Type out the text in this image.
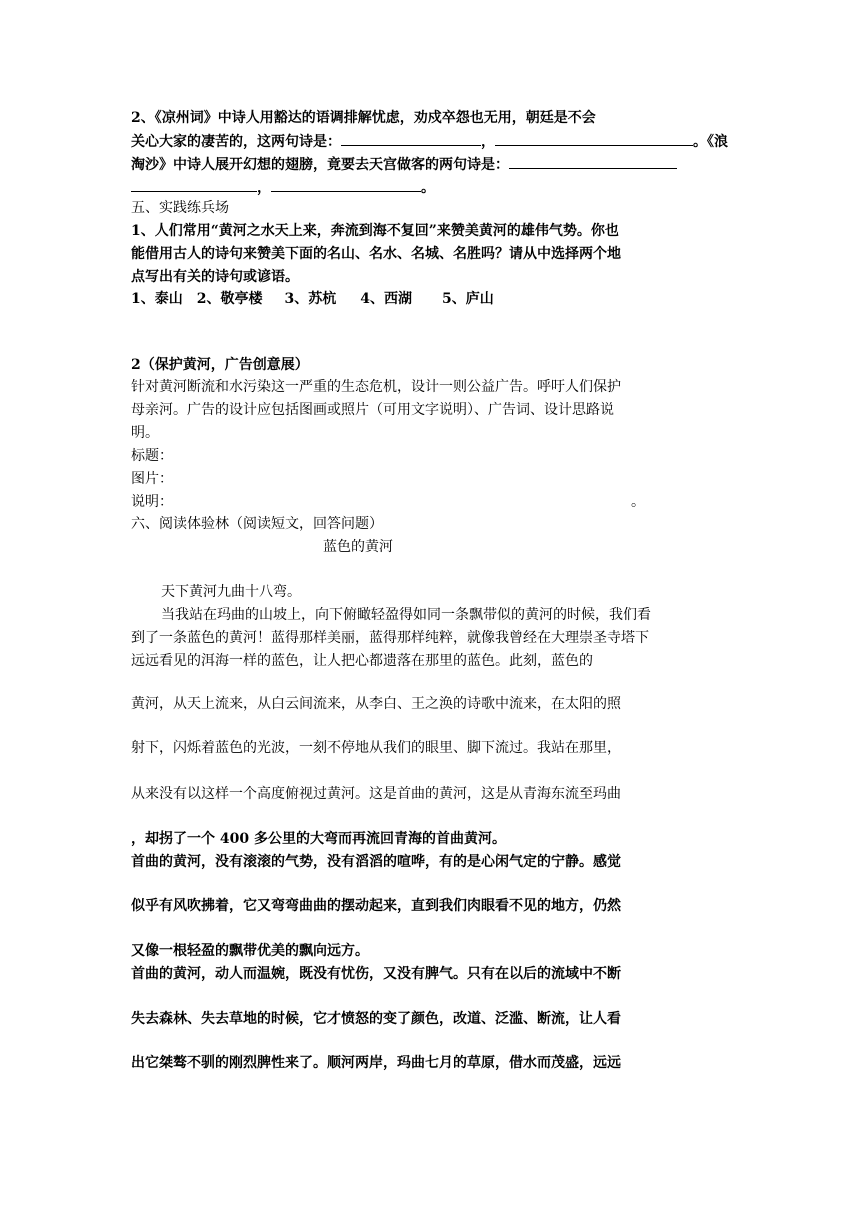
2、《凉州词》中诗人用豁达的语调排解忧虑，劝戍卒怨也无用，朝廷是不会
关心大家的凄苦的，这两句诗是：	，	。《浪
淘沙》中诗人展开幻想的翅膀，竟要去天宫做客的两句诗是：
，	。
五、实践练兵场
1、人们常用“黄河之水天上来，奔流到海不复回”来赞美黄河的雄伟气势。你也
能借用古人的诗句来赞美下面的名山、名水、名城、名胜吗？请从中选择两个地
点写出有关的诗句或谚语。
1、泰山 2、敬亭楼 3、苏杭 4、西湖 5、庐山
2（保护黄河，广告创意展）
针对黄河断流和水污染这一严重的生态危机，设计一则公益广告。呼吁人们保护
母亲河。广告的设计应包括图画或照片（可用文字说明）、广告词、设计思路说
明。
标题：
图片：
说明：	。
六、阅读体验林（阅读短文，回答问题）
蓝色的黄河
天下黄河九曲十八弯。
当我站在玛曲的山坡上，向下俯瞰轻盈得如同一条飘带似的黄河的时候，我们看
到了一条蓝色的黄河！蓝得那样美丽，蓝得那样纯粹，就像我曾经在大理崇圣寺塔下
远远看见的洱海一样的蓝色，让人把心都遗落在那里的蓝色。此刻，蓝色的
黄河，从天上流来，从白云间流来，从李白、王之涣的诗歌中流来，在太阳的照
射下，闪烁着蓝色的光波，一刻不停地从我们的眼里、脚下流过。我站在那里，
从来没有以这样一个高度俯视过黄河。这是首曲的黄河，这是从青海东流至玛曲
，却拐了一个 400 多公里的大弯而再流回青海的首曲黄河。
首曲的黄河，没有滚滚的气势，没有滔滔的喧哗，有的是心闲气定的宁静。感觉
似乎有风吹拂着，它又弯弯曲曲的摆动起来，直到我们肉眼看不见的地方，仍然
又像一根轻盈的飘带优美的飘向远方。
首曲的黄河，动人而温婉，既没有忧伤，又没有脾气。只有在以后的流域中不断
失去森林、失去草地的时候，它才愤怒的变了颜色，改道、泛滥、断流，让人看
出它桀骜不驯的刚烈脾性来了。顺河两岸，玛曲七月的草原，借水而茂盛，远远
